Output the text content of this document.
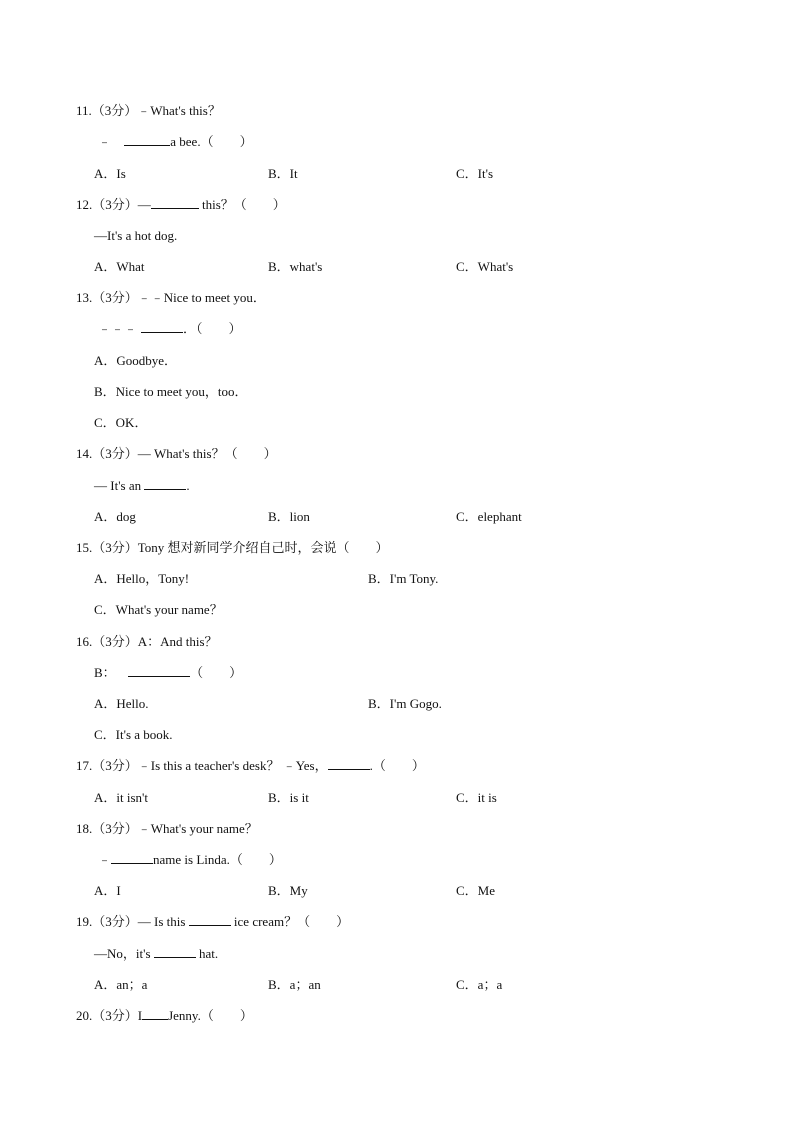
11.（3分）﹣What's this？
﹣	a bee.（　　）
A．Is	B．It	C．It's
12.（3分）—	this？（　　）
—It's a hot dog.
A．What	B．what's	C．What's
13.（3分）﹣﹣Nice to meet you．
﹣﹣﹣	．（　　）
A．Goodbye．
B．Nice to meet you，too．
C．OK．
14.（3分）— What's this？（　　）
— It's an	.
A．dog	B．lion	C．elephant
15.（3分）Tony 想对新同学介绍自己时，会说（　　）
A．Hello，Tony!	B．I'm Tony.
C．What's your name？
16.（3分）A：And this？
B：	（　　）
A．Hello.	B．I'm Gogo.
C．It's a book.
17.（3分）﹣Is this a teacher's desk？ ﹣Yes，	.（　　）
A．it isn't	B．is it	C．it is
18.（3分）﹣What's your name？
﹣	name is Linda.（　　）
A．I	B．My	C．Me
19.（3分）— Is this	ice cream？（　　）
—No，it's	hat.
A．an；a	B．a；an	C．a；a
20.（3分）I Jenny.（　　）
